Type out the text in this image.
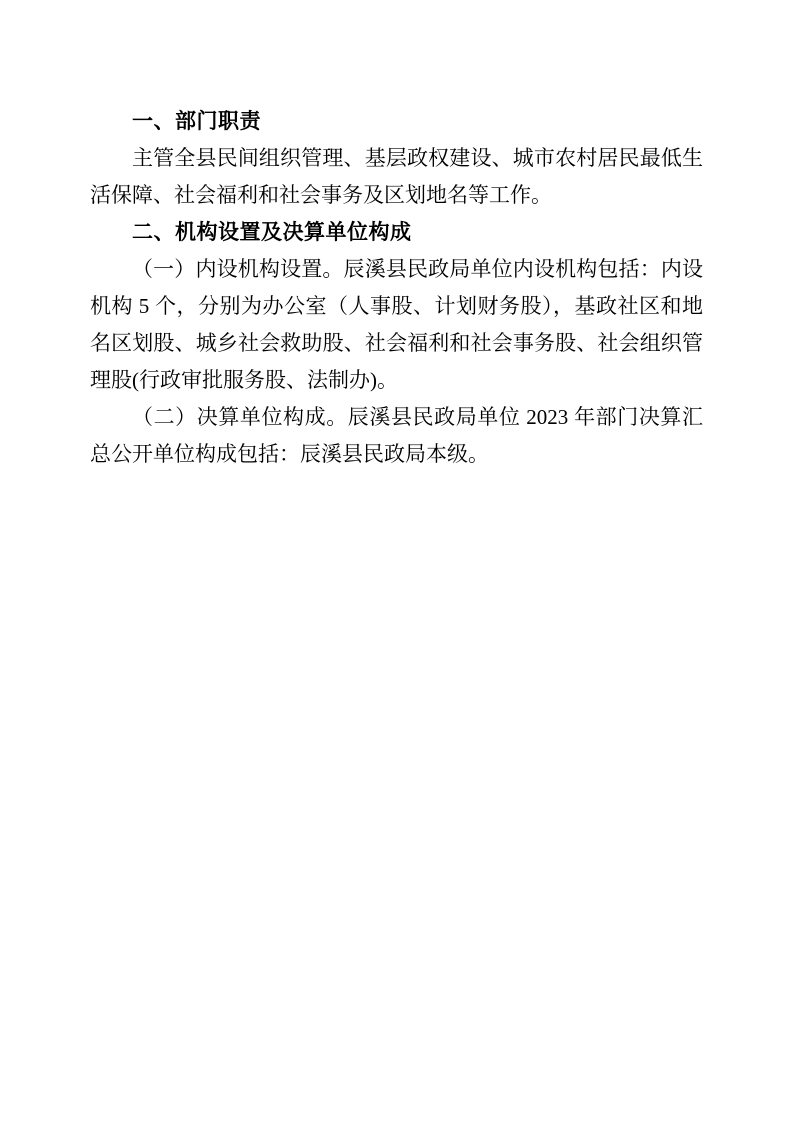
一、部门职责

主管全县民间组织管理、基层政权建设、城市农村居民最低生活保障、社会福利和社会事务及区划地名等工作。

二、机构设置及决算单位构成

（一）内设机构设置。辰溪县民政局单位内设机构包括：内设机构 5 个，分别为办公室（人事股、计划财务股），基政社区和地名区划股、城乡社会救助股、社会福利和社会事务股、社会组织管理股(行政审批服务股、法制办)。

（二）决算单位构成。辰溪县民政局单位 2023 年部门决算汇总公开单位构成包括：辰溪县民政局本级。
